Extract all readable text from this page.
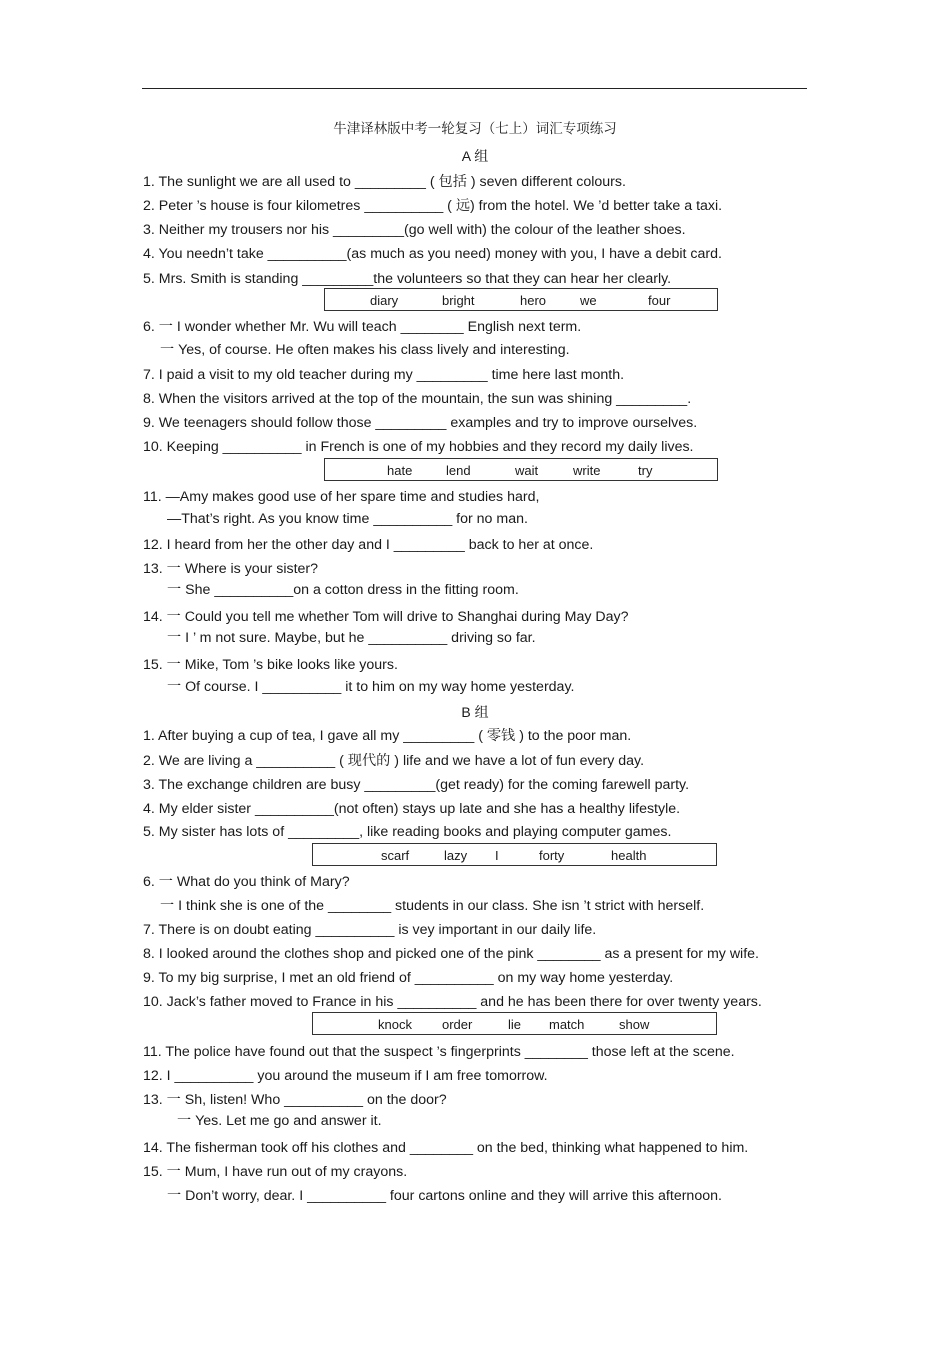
牛津译林版中考一轮复习（七上）词汇专项练习
A 组
1. The sunlight we are all used to _________ ( 包括 ) seven different colours.
2. Peter ’s house is four kilometres __________ ( 远) from the hotel. We ’d better take a taxi.
3. Neither my trousers nor his _________(go well with) the colour of the leather shoes.
4. You needn’t take __________(as much as you need) money with you, I have a debit card.
5. Mrs. Smith is standing _________the volunteers so that they can hear her clearly.
diary	bright	hero	we	four
6. 一 I wonder whether Mr. Wu will teach ________ English next term.
一 Yes, of course. He often makes his class lively and interesting.
7. I paid a visit to my old teacher during my _________ time here last month.
8. When the visitors arrived at the top of the mountain, the sun was shining _________.
9. We teenagers should follow those _________ examples and try to improve ourselves.
10. Keeping __________ in French is one of my hobbies and they record my daily lives.
hate	lend	wait	write	try
11. —Amy makes good use of her spare time and studies hard,
—That’s right. As you know time __________ for no man.
12. I heard from her the other day and I _________ back to her at once.
13. 一 Where is your sister?
一 She __________on a cotton dress in the fitting room.
14. 一 Could you tell me whether Tom will drive to Shanghai during May Day?
一 I ’ m not sure. Maybe, but he __________ driving so far.
15. 一 Mike, Tom ’s bike looks like yours.
一 Of course. I __________ it to him on my way home yesterday.
B 组
1. After buying a cup of tea, I gave all my _________ ( 零钱 ) to the poor man.
2. We are living a __________ ( 现代的 ) life and we have a lot of fun every day.
3. The exchange children are busy _________(get ready) for the coming farewell party.
4. My elder sister __________(not often) stays up late and she has a healthy lifestyle.
5. My sister has lots of _________, like reading books and playing computer games.
scarf	lazy I	forty	health
6. 一 What do you think of Mary?
一 I think she is one of the ________ students in our class. She isn ’t strict with herself.
7. There is on doubt eating __________ is vey important in our daily life.
8. I looked around the clothes shop and picked one of the pink ________ as a present for my wife.
9. To my big surprise, I met an old friend of __________ on my way home yesterday.
10. Jack’s father moved to France in his __________ and he has been there for over twenty years.
knock order	lie match	show
11. The police have found out that the suspect ’s fingerprints ________ those left at the scene.
12. I __________ you around the museum if I am free tomorrow.
13. 一 Sh, listen! Who __________ on the door?
一 Yes. Let me go and answer it.
14. The fisherman took off his clothes and ________ on the bed, thinking what happened to him.
15. 一 Mum, I have run out of my crayons.
一 Don’t worry, dear. I __________ four cartons online and they will arrive this afternoon.
